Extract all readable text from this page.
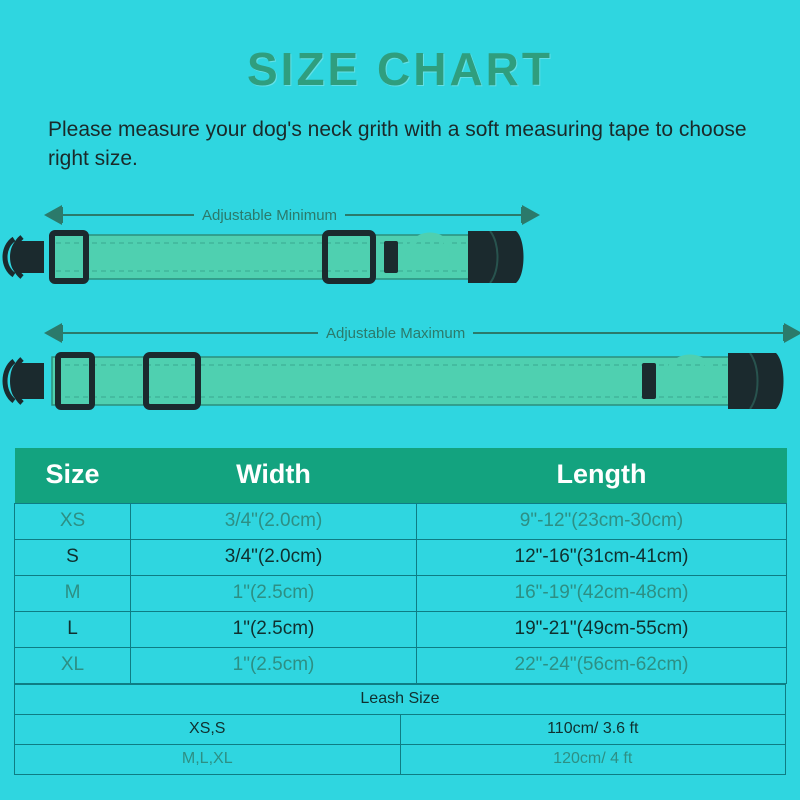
SIZE CHART
Please measure your dog's neck grith with a soft measuring tape to choose right size.
Adjustable Minimum
Adjustable Maximum
Size	Width	Length
XS	3/4"(2.0cm)	9"-12"(23cm-30cm)
S	3/4"(2.0cm)	12"-16"(31cm-41cm)
M	1"(2.5cm)	16"-19"(42cm-48cm)
L	1"(2.5cm)	19"-21"(49cm-55cm)
XL	1"(2.5cm)	22"-24"(56cm-62cm)
Leash Size	
XS,S	110cm/ 3.6 ft
M,L,XL	120cm/ 4 ft
